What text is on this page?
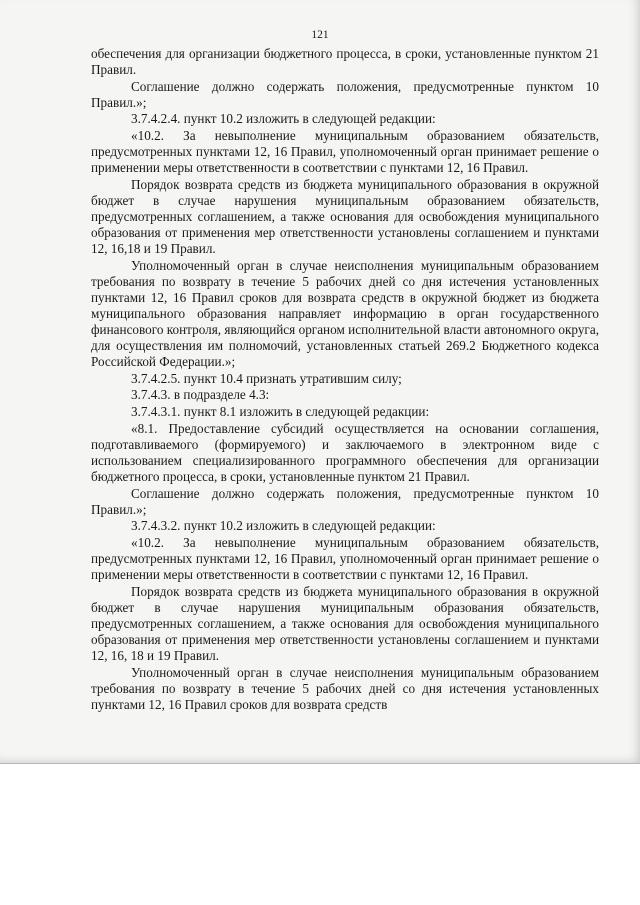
121

обеспечения для организации бюджетного процесса, в сроки, установленные пунктом 21 Правил.

Соглашение должно содержать положения, предусмотренные пунктом 10 Правил.»;

3.7.4.2.4. пункт 10.2 изложить в следующей редакции:

«10.2. За невыполнение муниципальным образованием обязательств, предусмотренных пунктами 12, 16 Правил, уполномоченный орган принимает решение о применении меры ответственности в соответствии с пунктами 12, 16 Правил.

Порядок возврата средств из бюджета муниципального образования в окружной бюджет в случае нарушения муниципальным образованием обязательств, предусмотренных соглашением, а также основания для освобождения муниципального образования от применения мер ответственности установлены соглашением и пунктами 12, 16,18 и 19 Правил.

Уполномоченный орган в случае неисполнения муниципальным образованием требования по возврату в течение 5 рабочих дней со дня истечения установленных пунктами 12, 16 Правил сроков для возврата средств в окружной бюджет из бюджета муниципального образования направляет информацию в орган государственного финансового контроля, являющийся органом исполнительной власти автономного округа, для осуществления им полномочий, установленных статьей 269.2 Бюджетного кодекса Российской Федерации.»;

3.7.4.2.5. пункт 10.4 признать утратившим силу;

3.7.4.3. в подразделе 4.3:

3.7.4.3.1. пункт 8.1 изложить в следующей редакции:

«8.1. Предоставление субсидий осуществляется на основании соглашения, подготавливаемого (формируемого) и заключаемого в электронном виде с использованием специализированного программного обеспечения для организации бюджетного процесса, в сроки, установленные пунктом 21 Правил.

Соглашение должно содержать положения, предусмотренные пунктом 10 Правил.»;

3.7.4.3.2. пункт 10.2 изложить в следующей редакции:

«10.2. За невыполнение муниципальным образованием обязательств, предусмотренных пунктами 12, 16 Правил, уполномоченный орган принимает решение о применении меры ответственности в соответствии с пунктами 12, 16 Правил.

Порядок возврата средств из бюджета муниципального образования в окружной бюджет в случае нарушения муниципальным образования обязательств, предусмотренных соглашением, а также основания для освобождения муниципального образования от применения мер ответственности установлены соглашением и пунктами 12, 16, 18 и 19 Правил.

Уполномоченный орган в случае неисполнения муниципальным образованием требования по возврату в течение 5 рабочих дней со дня истечения установленных пунктами 12, 16 Правил сроков для возврата средств
